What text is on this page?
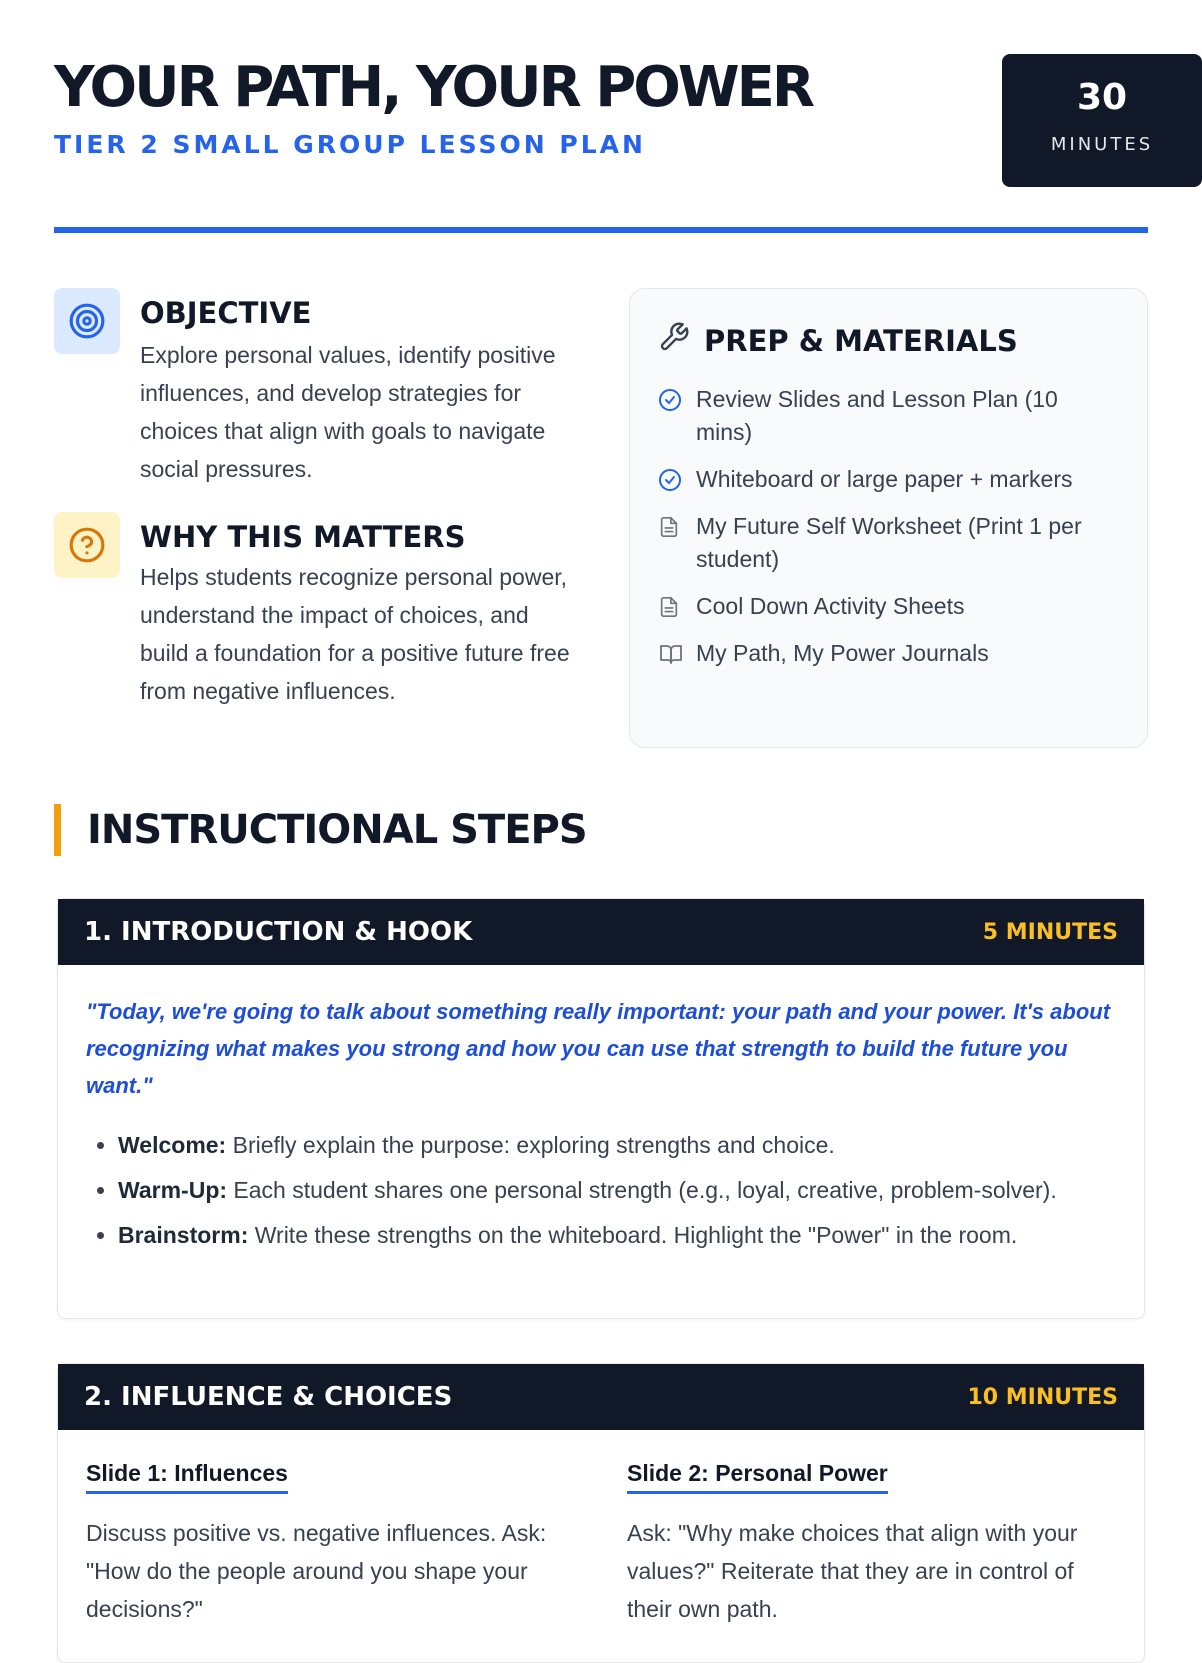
YOUR PATH, YOUR POWER
TIER 2 SMALL GROUP LESSON PLAN
30
MINUTES
OBJECTIVE
Explore personal values, identify positive influences, and develop strategies for choices that align with goals to navigate social pressures.
WHY THIS MATTERS
Helps students recognize personal power, understand the impact of choices, and build a foundation for a positive future free from negative influences.
PREP & MATERIALS
Review Slides and Lesson Plan (10 mins)
Whiteboard or large paper + markers
My Future Self Worksheet (Print 1 per student)
Cool Down Activity Sheets
My Path, My Power Journals
INSTRUCTIONAL STEPS
1. INTRODUCTION & HOOK	5 MINUTES

"Today, we're going to talk about something really important: your path and your power. It's about recognizing what makes you strong and how you can use that strength to build the future you want."

• Welcome: Briefly explain the purpose: exploring strengths and choice.
• Warm-Up: Each student shares one personal strength (e.g., loyal, creative, problem-solver).
• Brainstorm: Write these strengths on the whiteboard. Highlight the "Power" in the room.
2. INFLUENCE & CHOICES	10 MINUTES
Slide 1: Influences
Discuss positive vs. negative influences. Ask: "How do the people around you shape your decisions?"
Slide 2: Personal Power
Ask: "Why make choices that align with your values?" Reiterate that they are in control of their own path.
